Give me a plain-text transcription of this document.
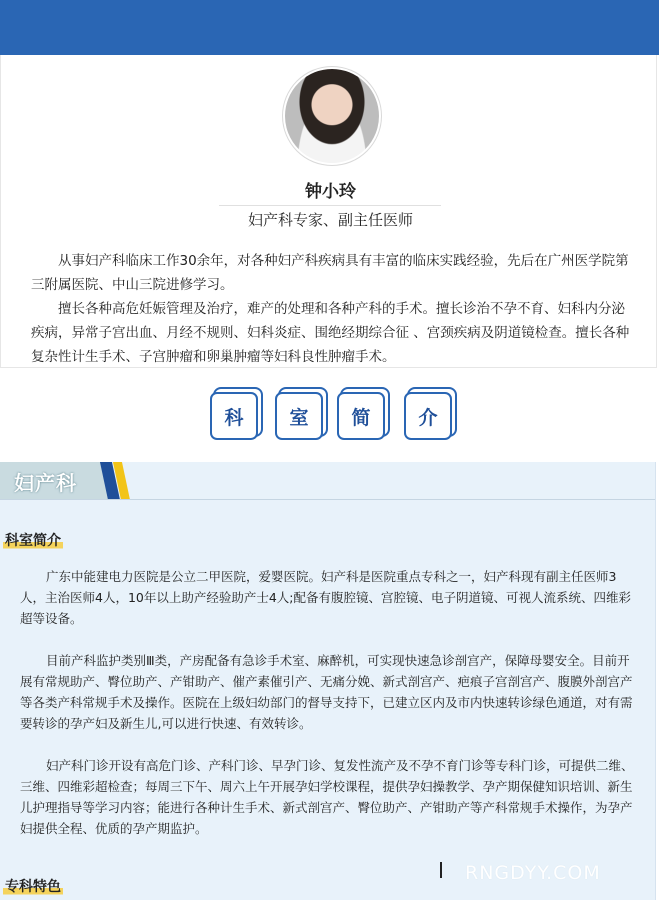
钟小玲
妇产科专家、副主任医师

从事妇产科临床工作30余年，对各种妇产科疾病具有丰富的临床实践经验，先后在广州医学院第三附属医院、中山三院进修学习。

擅长各种高危妊娠管理及治疗，难产的处理和各种产科的手术。擅长诊治不孕不育、妇科内分泌疾病，异常子宫出血、月经不规则、妇科炎症、围绝经期综合征 、宫颈疾病及阴道镜检查。擅长各种复杂性计生手术、子宫肿瘤和卵巢肿瘤等妇科良性肿瘤手术。

科	室	简	介
妇产科
科室简介

广东中能建电力医院是公立二甲医院，爱婴医院。妇产科是医院重点专科之一，妇产科现有副主任医师3人，主治医师4人，10年以上助产经验助产士4人;配备有腹腔镜、宫腔镜、电子阴道镜、可视人流系统、四维彩超等设备。

目前产科监护类别Ⅲ类，产房配备有急诊手术室、麻醉机，可实现快速急诊剖宫产，保障母婴安全。目前开展有常规助产、臀位助产、产钳助产、催产素催引产、无痛分娩、新式剖宫产、疤痕子宫剖宫产、腹膜外剖宫产等各类产科常规手术及操作。医院在上级妇幼部门的督导支持下，已建立区内及市内快速转诊绿色通道，对有需要转诊的孕产妇及新生儿,可以进行快速、有效转诊。

妇产科门诊开设有高危门诊、产科门诊、早孕门诊、复发性流产及不孕不育门诊等专科门诊，可提供二维、三维、四维彩超检查；每周三下午、周六上午开展孕妇学校课程，提供孕妇操教学、孕产期保健知识培训、新生儿护理指导等学习内容；能进行各种计生手术、新式剖宫产、臀位助产、产钳助产等产科常规手术操作，为孕产妇提供全程、优质的孕产期监护。

RNGDYY.COM
专科特色
